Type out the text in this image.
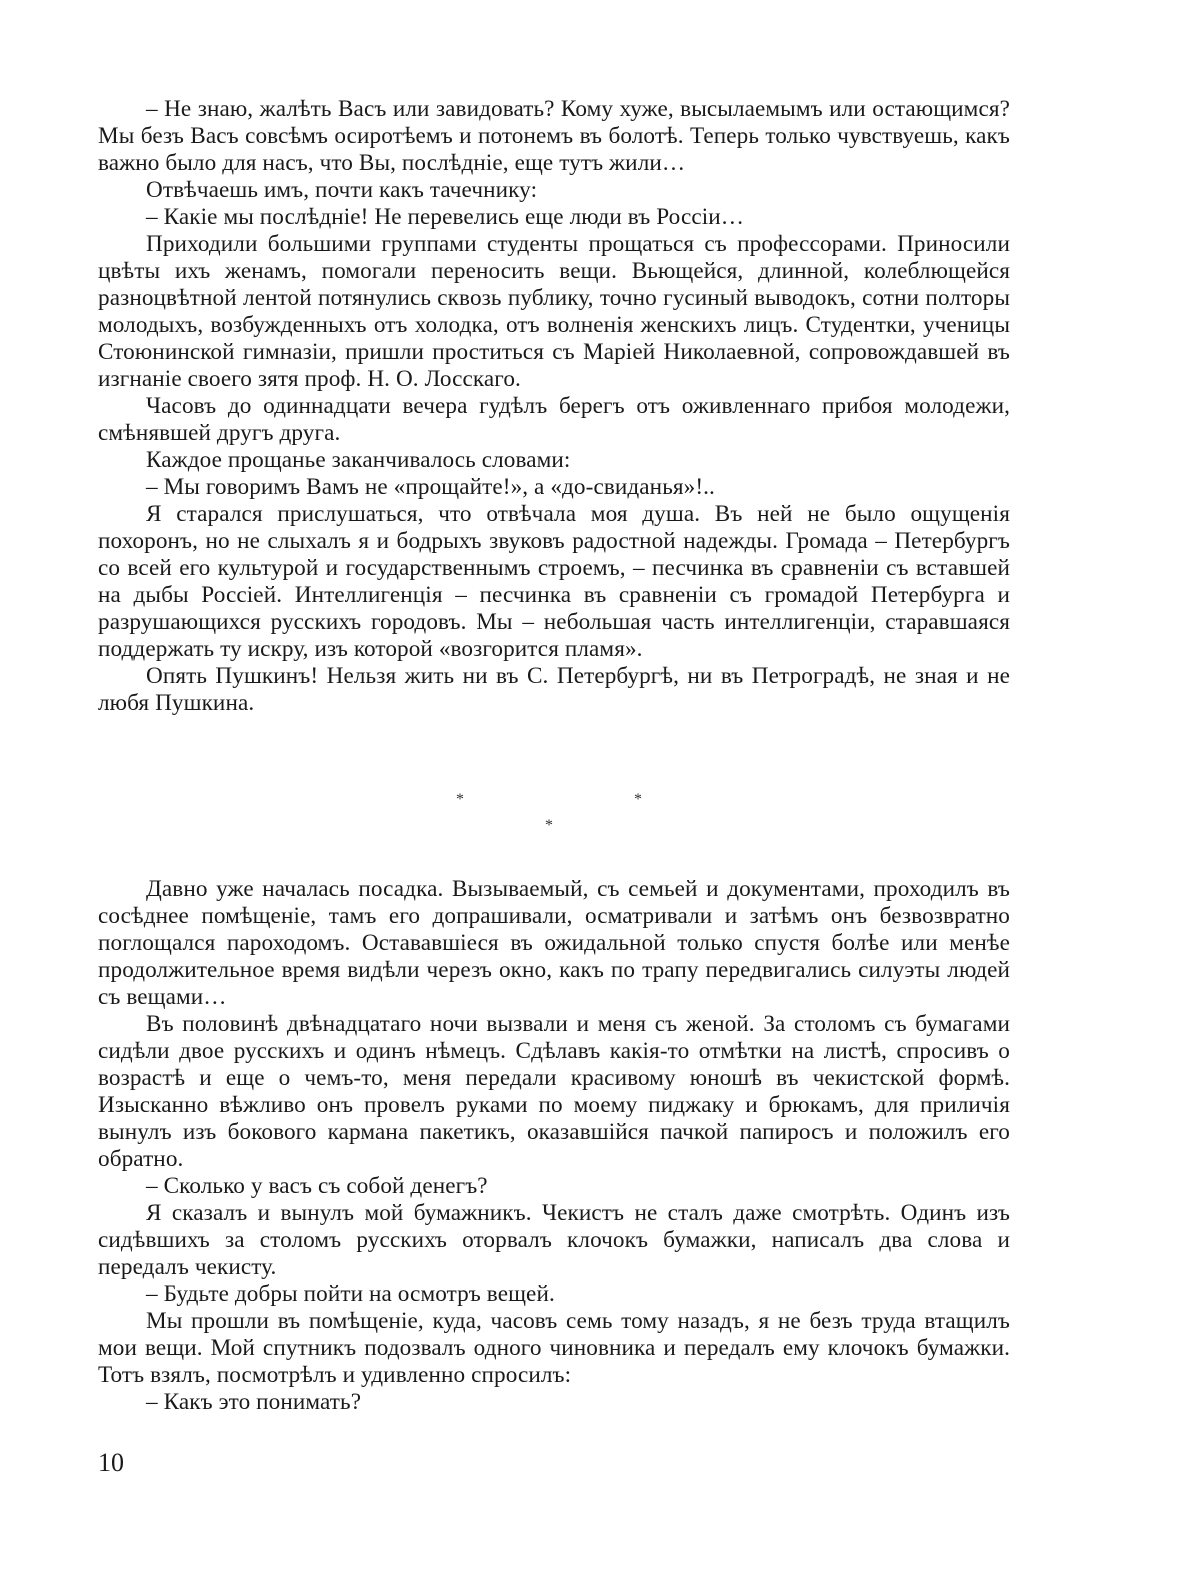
– Не знаю, жалѣть Васъ или завидовать? Кому хуже, высылаемымъ или остающимся? Мы безъ Васъ совсѣмъ осиротѣемъ и потонемъ въ болотѣ. Теперь только чувствуешь, какъ важно было для насъ, что Вы, послѣдніе, еще тутъ жили…

Отвѣчаешь имъ, почти какъ тачечнику:

– Какіе мы послѣдніе! Не перевелись еще люди въ Россіи…

Приходили большими группами студенты прощаться съ профессорами. Приносили цвѣты ихъ женамъ, помогали переносить вещи. Вьющейся, длинной, колеблющейся разноцвѣтной лентой потянулись сквозь публику, точно гусиный выводокъ, сотни полторы молодыхъ, возбужденныхъ отъ холодка, отъ волненія женскихъ лицъ. Студентки, ученицы Стоюнинской гимназіи, пришли проститься съ Маріей Николаевной, сопровождавшей въ изгнаніе своего зятя проф. Н. О. Лосскаго.

Часовъ до одиннадцати вечера гудѣлъ берегъ отъ оживленнаго прибоя молодежи, смѣнявшей другъ друга.

Каждое прощанье заканчивалось словами:

– Мы говоримъ Вамъ не «прощайте!», а «до-свиданья»!..

Я старался прислушаться, что отвѣчала моя душа. Въ ней не было ощущенія похоронъ, но не слыхалъ я и бодрыхъ звуковъ радостной надежды. Громада – Петербургъ со всей его культурой и государственнымъ строемъ, – песчинка въ сравненіи съ вставшей на дыбы Россіей. Интеллигенція – песчинка въ сравненіи съ громадой Петербурга и разрушающихся русскихъ городовъ. Мы – небольшая часть интеллигенціи, старавшаяся поддержать ту искру, изъ которой «возгорится пламя».

Опять Пушкинъ! Нельзя жить ни въ С. Петербургѣ, ни въ Петроградѣ, не зная и не любя Пушкина.

*	*
*

Давно уже началась посадка. Вызываемый, съ семьей и документами, проходилъ въ сосѣднее помѣщеніе, тамъ его допрашивали, осматривали и затѣмъ онъ безвозвратно поглощался пароходомъ. Остававшіеся въ ожидальной только спустя болѣе или менѣе продолжительное время видѣли черезъ окно, какъ по трапу передвигались силуэты людей съ вещами…

Въ половинѣ двѣнадцатаго ночи вызвали и меня съ женой. За столомъ съ бумагами сидѣли двое русскихъ и одинъ нѣмецъ. Сдѣлавъ какія-то отмѣтки на листѣ, спросивъ о возрастѣ и еще о чемъ-то, меня передали красивому юношѣ въ чекистской формѣ. Изысканно вѣжливо онъ провелъ руками по моему пиджаку и брюкамъ, для приличія вынулъ изъ бокового кармана пакетикъ, оказавшійся пачкой папиросъ и положилъ его обратно.

– Сколько у васъ съ собой денегъ?

Я сказалъ и вынулъ мой бумажникъ. Чекистъ не сталъ даже смотрѣть. Одинъ изъ сидѣвшихъ за столомъ русскихъ оторвалъ клочокъ бумажки, написалъ два слова и передалъ чекисту.

– Будьте добры пойти на осмотръ вещей.

Мы прошли въ помѣщеніе, куда, часовъ семь тому назадъ, я не безъ труда втащилъ мои вещи. Мой спутникъ подозвалъ одного чиновника и передалъ ему клочокъ бумажки. Тотъ взялъ, посмотрѣлъ и удивленно спросилъ:

– Какъ это понимать?

10
